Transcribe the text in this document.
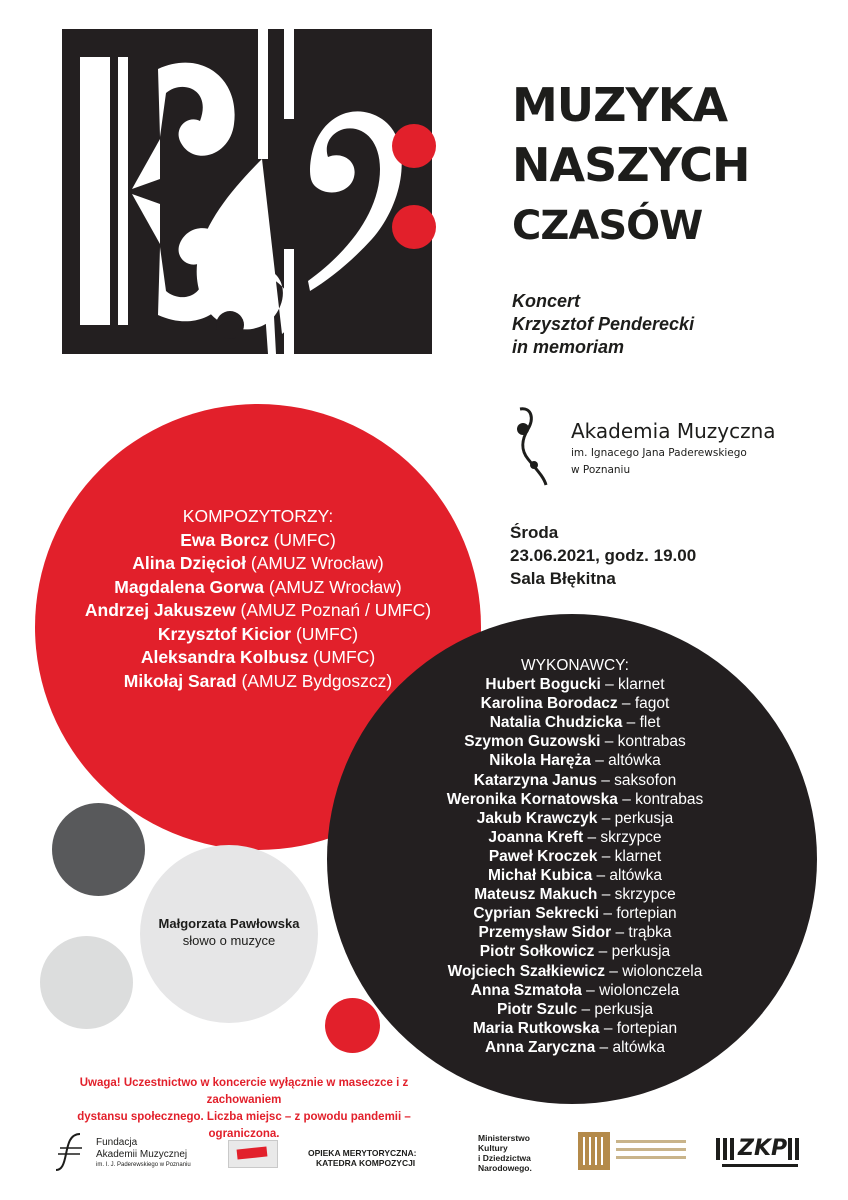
MUZYKA
NASZYCH
CZASÓW
Koncert
Krzysztof Penderecki
in memoriam
Akademia Muzyczna
im. Ignacego Jana Paderewskiego
w Poznaniu
Środa
23.06.2021, godz. 19.00
Sala Błękitna
KOMPOZYTORZY:
Ewa Borcz (UMFC)
Alina Dzięcioł (AMUZ Wrocław)
Magdalena Gorwa (AMUZ Wrocław)
Andrzej Jakuszew (AMUZ Poznań / UMFC)
Krzysztof Kicior (UMFC)
Aleksandra Kolbusz (UMFC)
Mikołaj Sarad (AMUZ Bydgoszcz)
WYKONAWCY:
Hubert Bogucki – klarnet
Karolina Borodacz – fagot
Natalia Chudzicka – flet
Szymon Guzowski – kontrabas
Nikola Haręża – altówka
Katarzyna Janus – saksofon
Weronika Kornatowska – kontrabas
Jakub Krawczyk – perkusja
Joanna Kreft – skrzypce
Paweł Kroczek – klarnet
Michał Kubica – altówka
Mateusz Makuch – skrzypce
Cyprian Sekrecki – fortepian
Przemysław Sidor – trąbka
Piotr Sołkowicz – perkusja
Wojciech Szałkiewicz – wiolonczela
Anna Szmatoła – wiolonczela
Piotr Szulc – perkusja
Maria Rutkowska – fortepian
Anna Zaryczna – altówka
Małgorzata Pawłowska
słowo o muzyce
Uwaga! Uczestnictwo w koncercie wyłącznie w maseczce i z zachowaniem
dystansu społecznego. Liczba miejsc – z powodu pandemii – ograniczona.
Fundacja
Akademii Muzycznej
im. I. J. Paderewskiego w Poznaniu
OPIEKA MERYTORYCZNA:
KATEDRA KOMPOZYCJI
Ministerstwo
Kultury
i Dziedzictwa
Narodowego.
ZKP
